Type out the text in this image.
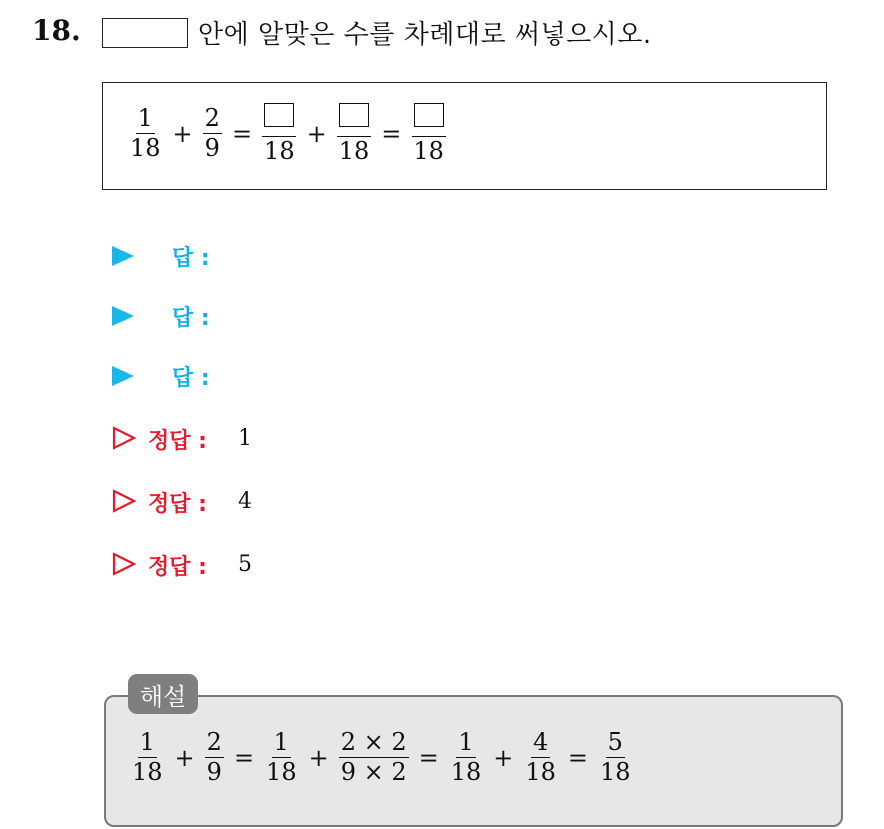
18.	안에 알맞은 수를 차례대로 써넣으시오.
$\frac{1}{18} + \frac{2}{9}$ =
18
+
18
=
18
답 :
답 :
답 :
정답 : 1
정답 : 4
정답 : 5
해설
$\frac{1}{18} + \frac{2}{9} = \frac{1}{18} + \frac{2 \times 2}{9 \times 2} = \frac{1}{18} + \frac{4}{18} = \frac{5}{18}$
